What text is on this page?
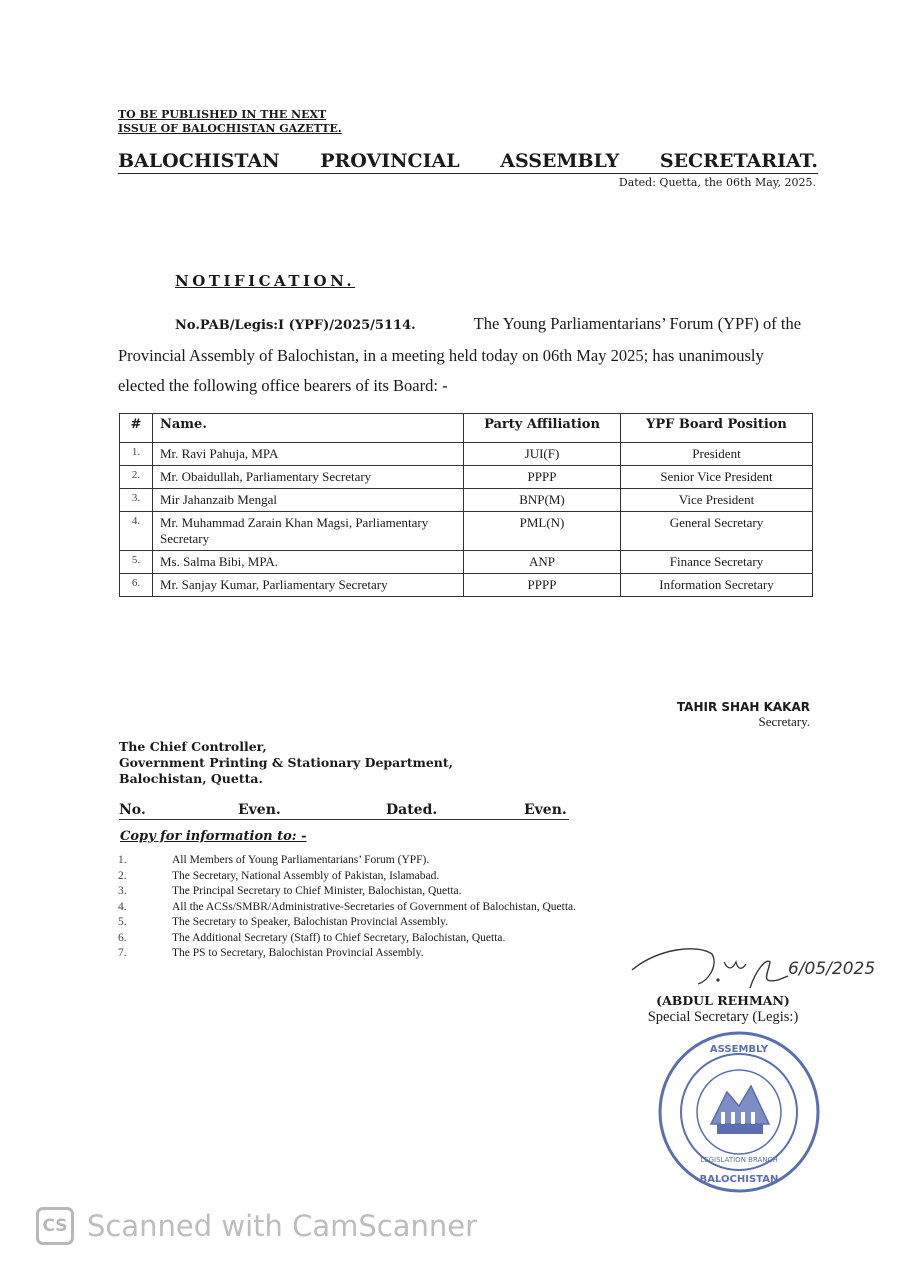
TO BE PUBLISHED IN THE NEXT
ISSUE OF BALOCHISTAN GAZETTE.
BALOCHISTAN PROVINCIAL ASSEMBLY SECRETARIAT.
Dated: Quetta, the 06th May, 2025.
NOTIFICATION.
No.PAB/Legis:I (YPF)/2025/5114.	The Young Parliamentarians’ Forum (YPF) of the Provincial Assembly of Balochistan, in a meeting held today on 06th May 2025; has unanimously elected the following office bearers of its Board: -
#	Name.	Party Affiliation	YPF Board Position
1.	Mr. Ravi Pahuja, MPA	JUI(F)	President
2.	Mr. Obaidullah, Parliamentary Secretary	PPPP	Senior Vice President
3.	Mir Jahanzaib Mengal	BNP(M)	Vice President
4.	Mr. Muhammad Zarain Khan Magsi, Parliamentary Secretary	PML(N)	General Secretary
5.	Ms. Salma Bibi, MPA.	ANP	Finance Secretary
6.	Mr. Sanjay Kumar, Parliamentary Secretary	PPPP	Information Secretary
TAHIR SHAH KAKAR
Secretary.
The Chief Controller,
Government Printing & Stationary Department,
Balochistan, Quetta.
No.	Even.	Dated.	Even.
Copy for information to: -
1.	All Members of Young Parliamentarians’ Forum (YPF).
2.	The Secretary, National Assembly of Pakistan, Islamabad.
3.	The Principal Secretary to Chief Minister, Balochistan, Quetta.
4.	All the ACSs/SMBR/Administrative-Secretaries of Government of Balochistan, Quetta.
5.	The Secretary to Speaker, Balochistan Provincial Assembly.
6.	The Additional Secretary (Staff) to Chief Secretary, Balochistan, Quetta.
7.	The PS to Secretary, Balochistan Provincial Assembly.
6/05/2025
(ABDUL REHMAN)
Special Secretary (Legis:)
ASSEMBLY
BALOCHISTAN
LEGISLATION BRANCH
CS Scanned with CamScanner
